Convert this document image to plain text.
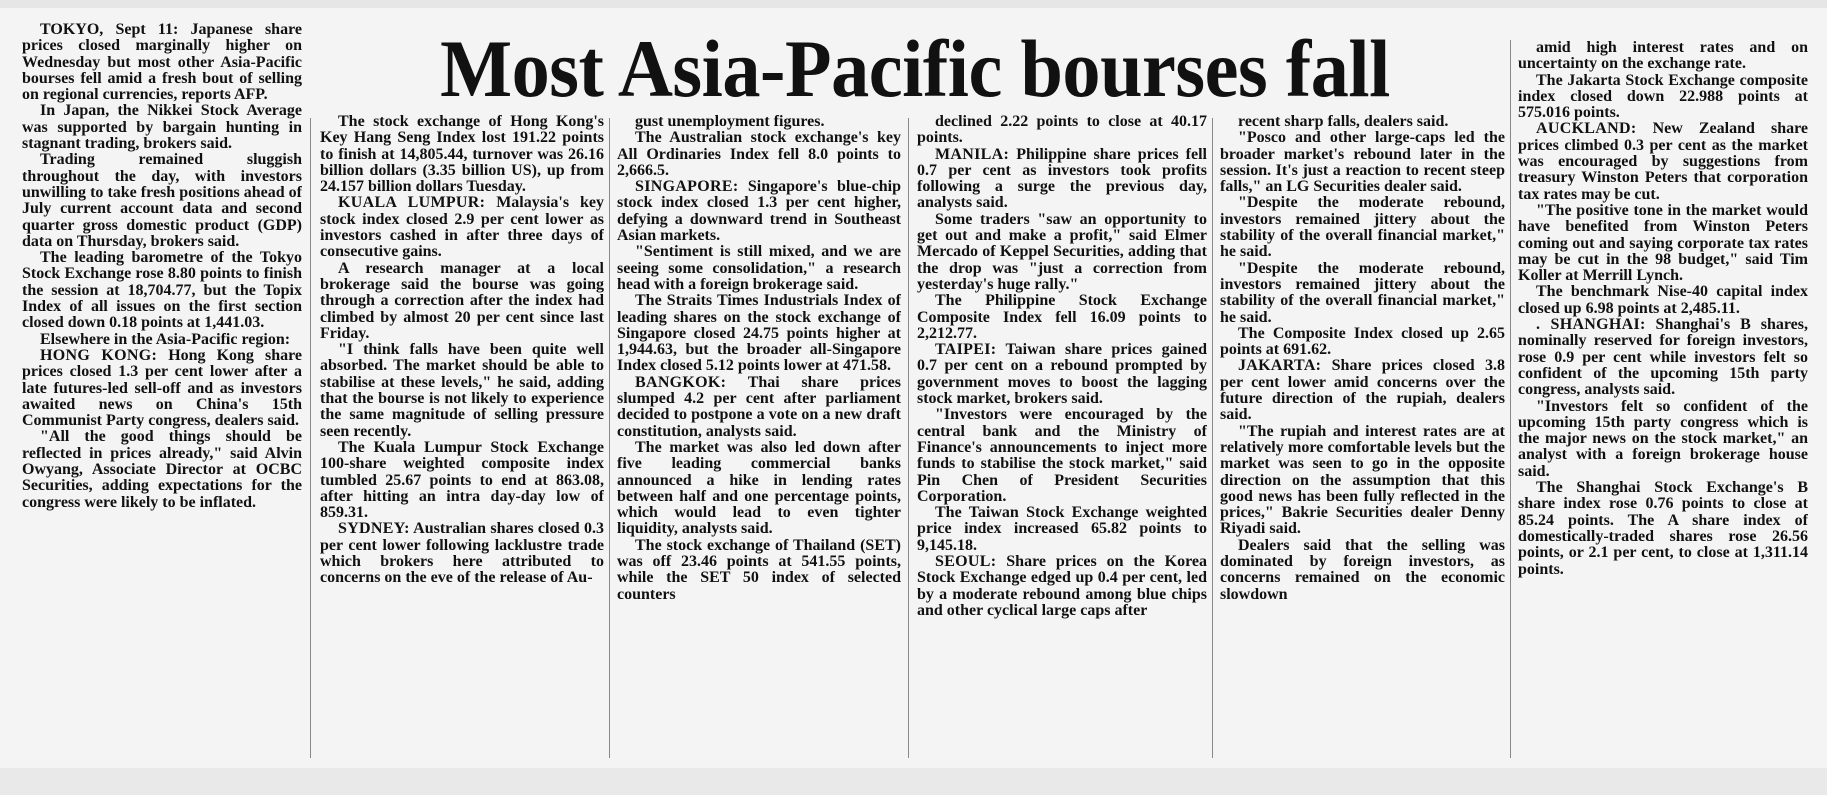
Most Asia-Pacific bourses fall

TOKYO, Sept 11: Japanese share prices closed marginally higher on Wednesday but most other Asia-Pacific bourses fell amid a fresh bout of selling on regional currencies, reports AFP.

In Japan, the Nikkei Stock Average was supported by bargain hunting in stagnant trading, brokers said.

Trading remained sluggish throughout the day, with investors unwilling to take fresh positions ahead of July current account data and second quarter gross domestic product (GDP) data on Thursday, brokers said.

The leading barometre of the Tokyo Stock Exchange rose 8.80 points to finish the session at 18,704.77, but the Topix Index of all issues on the first section closed down 0.18 points at 1,441.03.

Elsewhere in the Asia-Pacific region:

HONG KONG: Hong Kong share prices closed 1.3 per cent lower after a late futures-led sell-off and as investors awaited news on China's 15th Communist Party congress, dealers said.

"All the good things should be reflected in prices already," said Alvin Owyang, Associate Director at OCBC Securities, adding expectations for the congress were likely to be inflated.

The stock exchange of Hong Kong's Key Hang Seng Index lost 191.22 points to finish at 14,805.44, turnover was 26.16 billion dollars (3.35 billion US), up from 24.157 billion dollars Tuesday.

KUALA LUMPUR: Malaysia's key stock index closed 2.9 per cent lower as investors cashed in after three days of consecutive gains.

A research manager at a local brokerage said the bourse was going through a correction after the index had climbed by almost 20 per cent since last Friday.

"I think falls have been quite well absorbed. The market should be able to stabilise at these levels," he said, adding that the bourse is not likely to experience the same magnitude of selling pressure seen recently.

The Kuala Lumpur Stock Exchange 100-share weighted composite index tumbled 25.67 points to end at 863.08, after hitting an intra day-day low of 859.31.

SYDNEY: Australian shares closed 0.3 per cent lower following lacklustre trade which brokers here attributed to concerns on the eve of the release of Au-

gust unemployment figures.

The Australian stock exchange's key All Ordinaries Index fell 8.0 points to 2,666.5.

SINGAPORE: Singapore's blue-chip stock index closed 1.3 per cent higher, defying a downward trend in Southeast Asian markets.

"Sentiment is still mixed, and we are seeing some consolidation," a research head with a foreign brokerage said.

The Straits Times Industrials Index of leading shares on the stock exchange of Singapore closed 24.75 points higher at 1,944.63, but the broader all-Singapore Index closed 5.12 points lower at 471.58.

BANGKOK: Thai share prices slumped 4.2 per cent after parliament decided to postpone a vote on a new draft constitution, analysts said.

The market was also led down after five leading commercial banks announced a hike in lending rates between half and one percentage points, which would lead to even tighter liquidity, analysts said.

The stock exchange of Thailand (SET) was off 23.46 points at 541.55 points, while the SET 50 index of selected counters

declined 2.22 points to close at 40.17 points.

MANILA: Philippine share prices fell 0.7 per cent as investors took profits following a surge the previous day, analysts said.

Some traders "saw an opportunity to get out and make a profit," said Elmer Mercado of Keppel Securities, adding that the drop was "just a correction from yesterday's huge rally."

The Philippine Stock Exchange Composite Index fell 16.09 points to 2,212.77.

TAIPEI: Taiwan share prices gained 0.7 per cent on a rebound prompted by government moves to boost the lagging stock market, brokers said.

"Investors were encouraged by the central bank and the Ministry of Finance's announcements to inject more funds to stabilise the stock market," said Pin Chen of President Securities Corporation.

The Taiwan Stock Exchange weighted price index increased 65.82 points to 9,145.18.

SEOUL: Share prices on the Korea Stock Exchange edged up 0.4 per cent, led by a moderate rebound among blue chips and other cyclical large caps after

recent sharp falls, dealers said.

"Posco and other large-caps led the broader market's rebound later in the session. It's just a reaction to recent steep falls," an LG Securities dealer said.

"Despite the moderate rebound, investors remained jittery about the stability of the overall financial market," he said.

"Despite the moderate rebound, investors remained jittery about the stability of the overall financial market," he said.

The Composite Index closed up 2.65 points at 691.62.

JAKARTA: Share prices closed 3.8 per cent lower amid concerns over the future direction of the rupiah, dealers said.

"The rupiah and interest rates are at relatively more comfortable levels but the market was seen to go in the opposite direction on the assumption that this good news has been fully reflected in the prices," Bakrie Securities dealer Denny Riyadi said.

Dealers said that the selling was dominated by foreign investors, as concerns remained on the economic slowdown

amid high interest rates and on uncertainty on the exchange rate.

The Jakarta Stock Exchange composite index closed down 22.988 points at 575.016 points.

AUCKLAND: New Zealand share prices climbed 0.3 per cent as the market was encouraged by suggestions from treasury Winston Peters that corporation tax rates may be cut.

"The positive tone in the market would have benefited from Winston Peters coming out and saying corporate tax rates may be cut in the 98 budget," said Tim Koller at Merrill Lynch.

The benchmark Nise-40 capital index closed up 6.98 points at 2,485.11.

. SHANGHAI: Shanghai's B shares, nominally reserved for foreign investors, rose 0.9 per cent while investors felt so confident of the upcoming 15th party congress, analysts said.

"Investors felt so confident of the upcoming 15th party congress which is the major news on the stock market," an analyst with a foreign brokerage house said.

The Shanghai Stock Exchange's B share index rose 0.76 points to close at 85.24 points. The A share index of domestically-traded shares rose 26.56 points, or 2.1 per cent, to close at 1,311.14 points.
